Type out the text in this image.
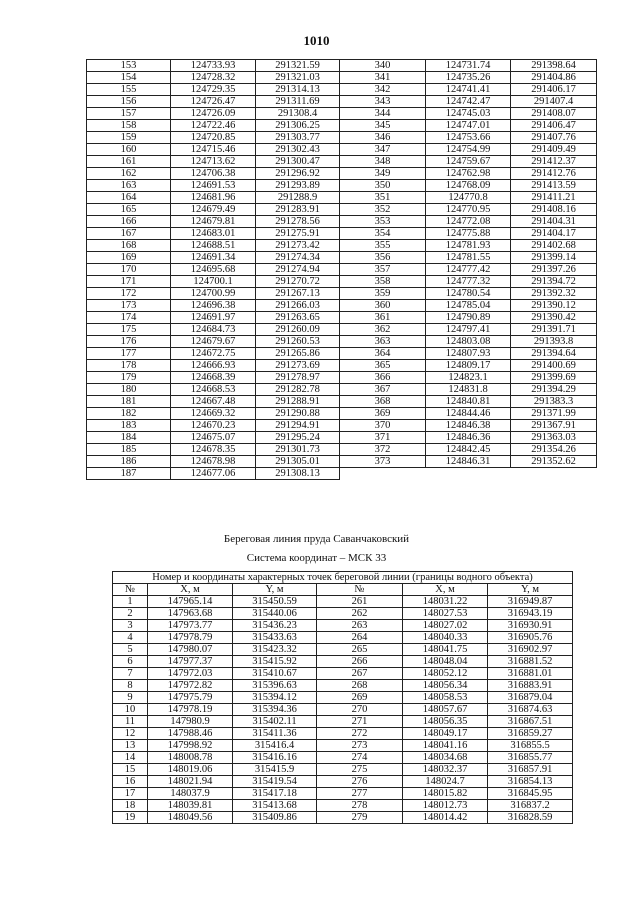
1010
153	124733.93	291321.59	340	124731.74	291398.64
154	124728.32	291321.03	341	124735.26	291404.86
155	124729.35	291314.13	342	124741.41	291406.17
156	124726.47	291311.69	343	124742.47	291407.4
157	124726.09	291308.4	344	124745.03	291408.07
158	124722.46	291306.25	345	124747.01	291406.47
159	124720.85	291303.77	346	124753.66	291407.76
160	124715.46	291302.43	347	124754.99	291409.49
161	124713.62	291300.47	348	124759.67	291412.37
162	124706.38	291296.92	349	124762.98	291412.76
163	124691.53	291293.89	350	124768.09	291413.59
164	124681.96	291288.9	351	124770.8	291411.21
165	124679.49	291283.91	352	124770.95	291408.16
166	124679.81	291278.56	353	124772.08	291404.31
167	124683.01	291275.91	354	124775.88	291404.17
168	124688.51	291273.42	355	124781.93	291402.68
169	124691.34	291274.34	356	124781.55	291399.14
170	124695.68	291274.94	357	124777.42	291397.26
171	124700.1	291270.72	358	124777.32	291394.72
172	124700.99	291267.13	359	124780.54	291392.32
173	124696.38	291266.03	360	124785.04	291390.12
174	124691.97	291263.65	361	124790.89	291390.42
175	124684.73	291260.09	362	124797.41	291391.71
176	124679.67	291260.53	363	124803.08	291393.8
177	124672.75	291265.86	364	124807.93	291394.64
178	124666.93	291273.69	365	124809.17	291400.69
179	124668.39	291278.97	366	124823.1	291399.69
180	124668.53	291282.78	367	124831.8	291394.29
181	124667.48	291288.91	368	124840.81	291383.3
182	124669.32	291290.88	369	124844.46	291371.99
183	124670.23	291294.91	370	124846.38	291367.91
184	124675.07	291295.24	371	124846.36	291363.03
185	124678.35	291301.73	372	124842.45	291354.26
186	124678.98	291305.01	373	124846.31	291352.62
187	124677.06	291308.13			
Береговая линия пруда Саванчаковский
Система координат – МСК 33
Номер и координаты характерных точек береговой линии (границы водного объекта)					
№	X, м	Y, м	№	X, м	Y, м
1	147965.14	315450.59	261	148031.22	316949.87
2	147963.68	315440.06	262	148027.53	316943.19
3	147973.77	315436.23	263	148027.02	316930.91
4	147978.79	315433.63	264	148040.33	316905.76
5	147980.07	315423.32	265	148041.75	316902.97
6	147977.37	315415.92	266	148048.04	316881.52
7	147972.03	315410.67	267	148052.12	316881.01
8	147972.82	315396.63	268	148056.34	316883.91
9	147975.79	315394.12	269	148058.53	316879.04
10	147978.19	315394.36	270	148057.67	316874.63
11	147980.9	315402.11	271	148056.35	316867.51
12	147988.46	315411.36	272	148049.17	316859.27
13	147998.92	315416.4	273	148041.16	316855.5
14	148008.78	315416.16	274	148034.68	316855.77
15	148019.06	315415.9	275	148032.37	316857.91
16	148021.94	315419.54	276	148024.7	316854.13
17	148037.9	315417.18	277	148015.82	316845.95
18	148039.81	315413.68	278	148012.73	316837.2
19	148049.56	315409.86	279	148014.42	316828.59
